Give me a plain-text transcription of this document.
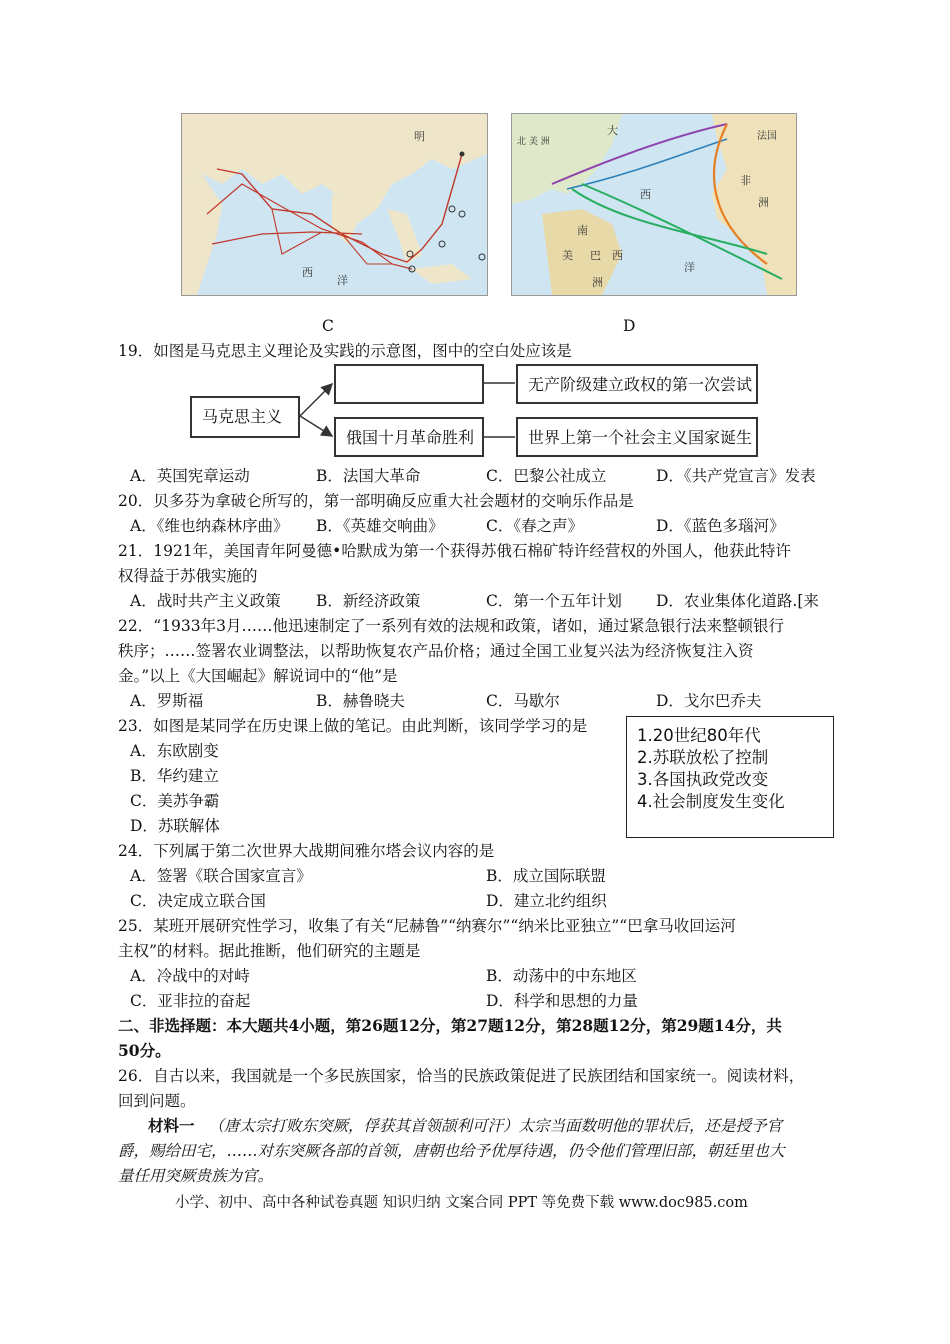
明
西
洋
大
西
洋
北 美 洲	法国
非
洲
南
美 巴 西
洲
C	D
19．如图是马克思主义理论及实践的示意图，图中的空白处应该是
马克思主义
俄国十月革命胜利
无产阶级建立政权的第一次尝试
世界上第一个社会主义国家诞生
A．英国宪章运动	B．法国大革命	C．巴黎公社成立	D．《共产党宣言》发表
20．贝多芬为拿破仑所写的，第一部明确反应重大社会题材的交响乐作品是
A．《维也纳森林序曲》 B．《英雄交响曲》	C．《春之声》	D．《蓝色多瑙河》
21．1921年，美国青年阿曼德•哈默成为第一个获得苏俄石棉矿特许经营权的外国人，他获此特许
权得益于苏俄实施的
A．战时共产主义政策 B．新经济政策	C．第一个五年计划 D．农业集体化道路.[来
22．“1933年3月……他迅速制定了一系列有效的法规和政策，诸如，通过紧急银行法来整顿银行
秩序；……签署农业调整法，以帮助恢复农产品价格；通过全国工业复兴法为经济恢复注入资
金。”以上《大国崛起》解说词中的“他”是
A．罗斯福	B．赫鲁晓夫	C．马歇尔	D．戈尔巴乔夫
23．如图是某同学在历史课上做的笔记。由此判断，该同学学习的是
A．东欧剧变
B．华约建立
C．美苏争霸
D．苏联解体
1.20世纪80年代
2.苏联放松了控制
3.各国执政党改变
4.社会制度发生变化
24．下列属于第二次世界大战期间雅尔塔会议内容的是
A．签署《联合国家宣言》	B．成立国际联盟
C．决定成立联合国	D．建立北约组织
25．某班开展研究性学习，收集了有关“尼赫鲁”“纳赛尔”“纳米比亚独立”“巴拿马收回运河
主权”的材料。据此推断，他们研究的主题是
A．冷战中的对峙	B．动荡中的中东地区
C．亚非拉的奋起	D．科学和思想的力量
二、非选择题：本大题共4小题，第26题12分，第27题12分，第28题12分，第29题14分，共
50分。
26．自古以来，我国就是一个多民族国家，恰当的民族政策促进了民族团结和国家统一。阅读材料，
回到问题。
材料一 （唐太宗打败东突厥，俘获其首领颉利可汗）太宗当面数明他的罪状后，还是授予官
爵，赐给田宅，……对东突厥各部的首领，唐朝也给予优厚待遇，仍令他们管理旧部，朝廷里也大
量任用突厥贵族为官。
小学、初中、高中各种试卷真题 知识归纳 文案合同 PPT 等免费下载 www.doc985.com
